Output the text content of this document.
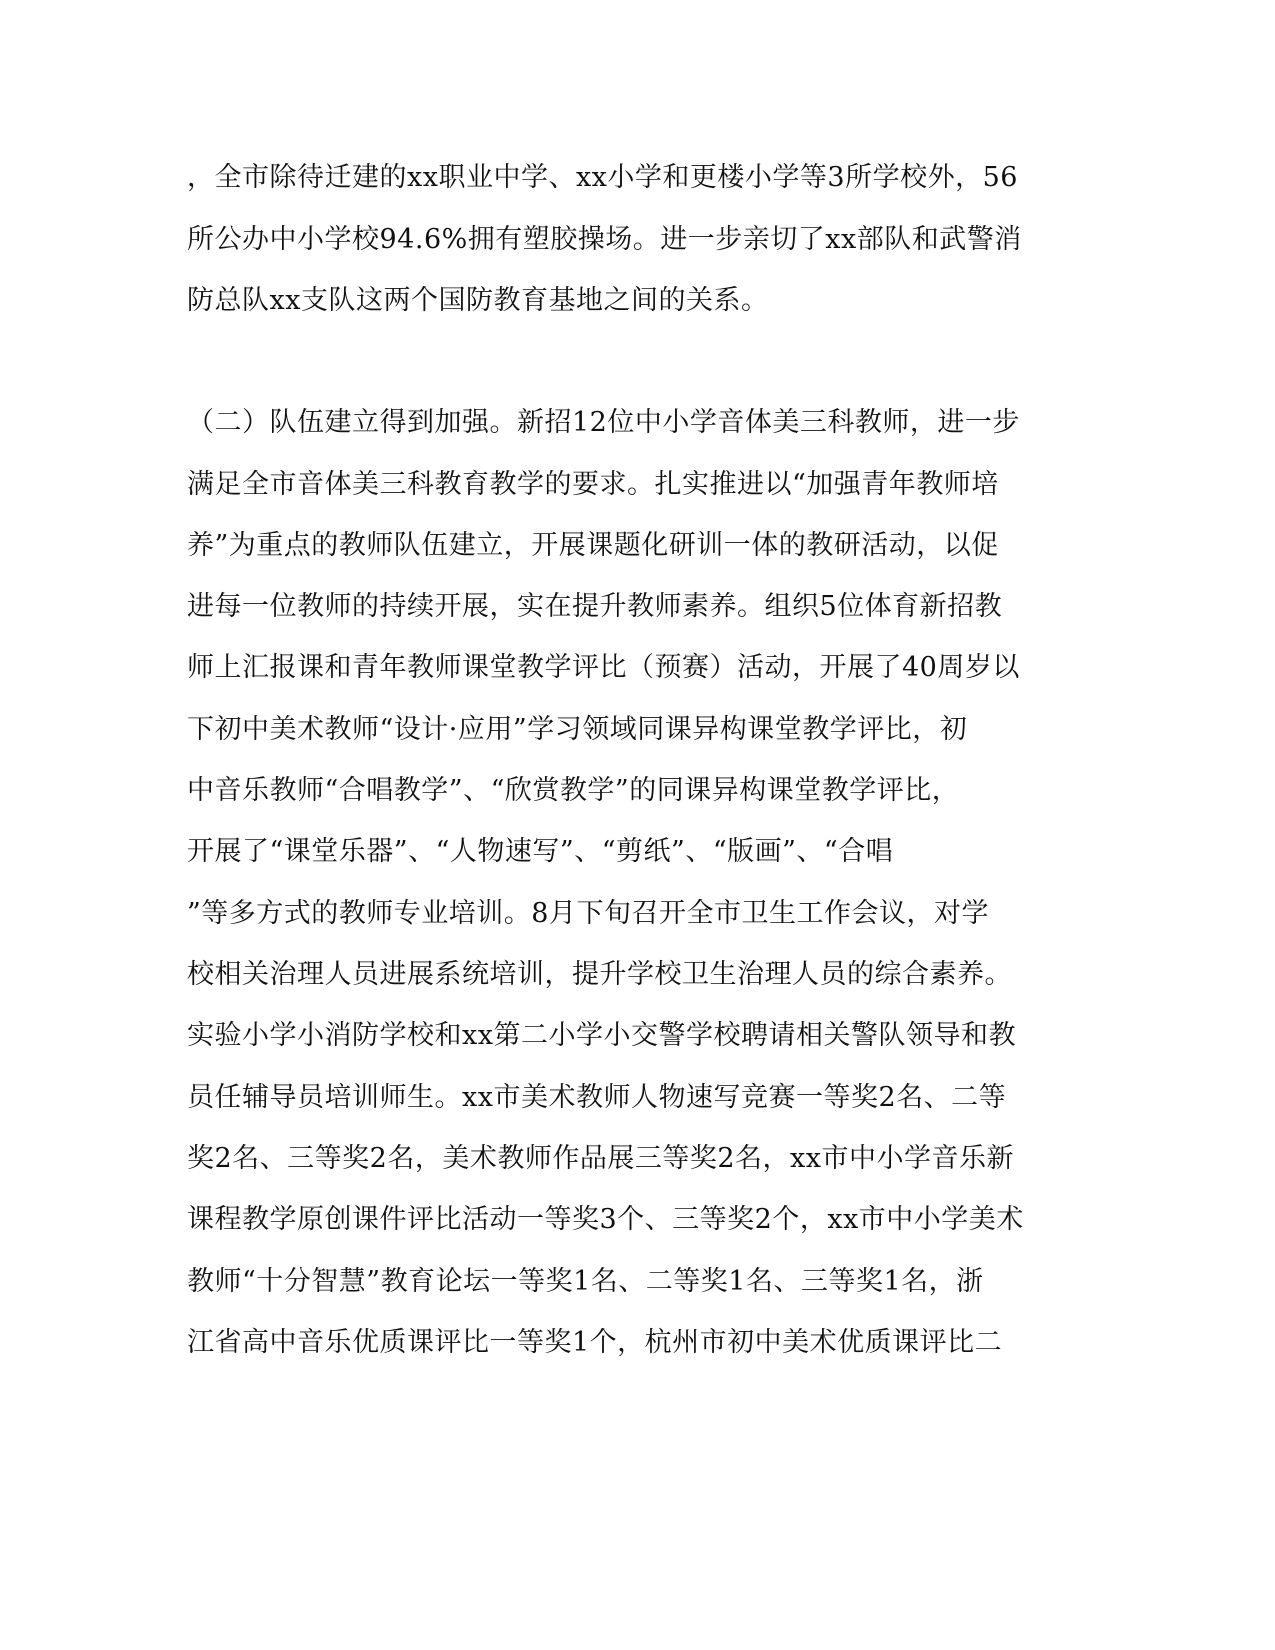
，全市除待迁建的xx职业中学、xx小学和更楼小学等3所学校外，56
所公办中小学校94.6%拥有塑胶操场。进一步亲切了xx部队和武警消
防总队xx支队这两个国防教育基地之间的关系。
（二）队伍建立得到加强。新招12位中小学音体美三科教师，进一步
满足全市音体美三科教育教学的要求。扎实推进以“加强青年教师培
养”为重点的教师队伍建立，开展课题化研训一体的教研活动，以促
进每一位教师的持续开展，实在提升教师素养。组织5位体育新招教
师上汇报课和青年教师课堂教学评比（预赛）活动，开展了40周岁以
下初中美术教师“设计·应用”学习领域同课异构课堂教学评比，初
中音乐教师“合唱教学”、“欣赏教学”的同课异构课堂教学评比，
开展了“课堂乐器”、“人物速写”、“剪纸”、“版画”、“合唱
”等多方式的教师专业培训。8月下旬召开全市卫生工作会议，对学
校相关治理人员进展系统培训，提升学校卫生治理人员的综合素养。
实验小学小消防学校和xx第二小学小交警学校聘请相关警队领导和教
员任辅导员培训师生。xx市美术教师人物速写竞赛一等奖2名、二等
奖2名、三等奖2名，美术教师作品展三等奖2名，xx市中小学音乐新
课程教学原创课件评比活动一等奖3个、三等奖2个，xx市中小学美术
教师“十分智慧”教育论坛一等奖1名、二等奖1名、三等奖1名，浙
江省高中音乐优质课评比一等奖1个，杭州市初中美术优质课评比二
